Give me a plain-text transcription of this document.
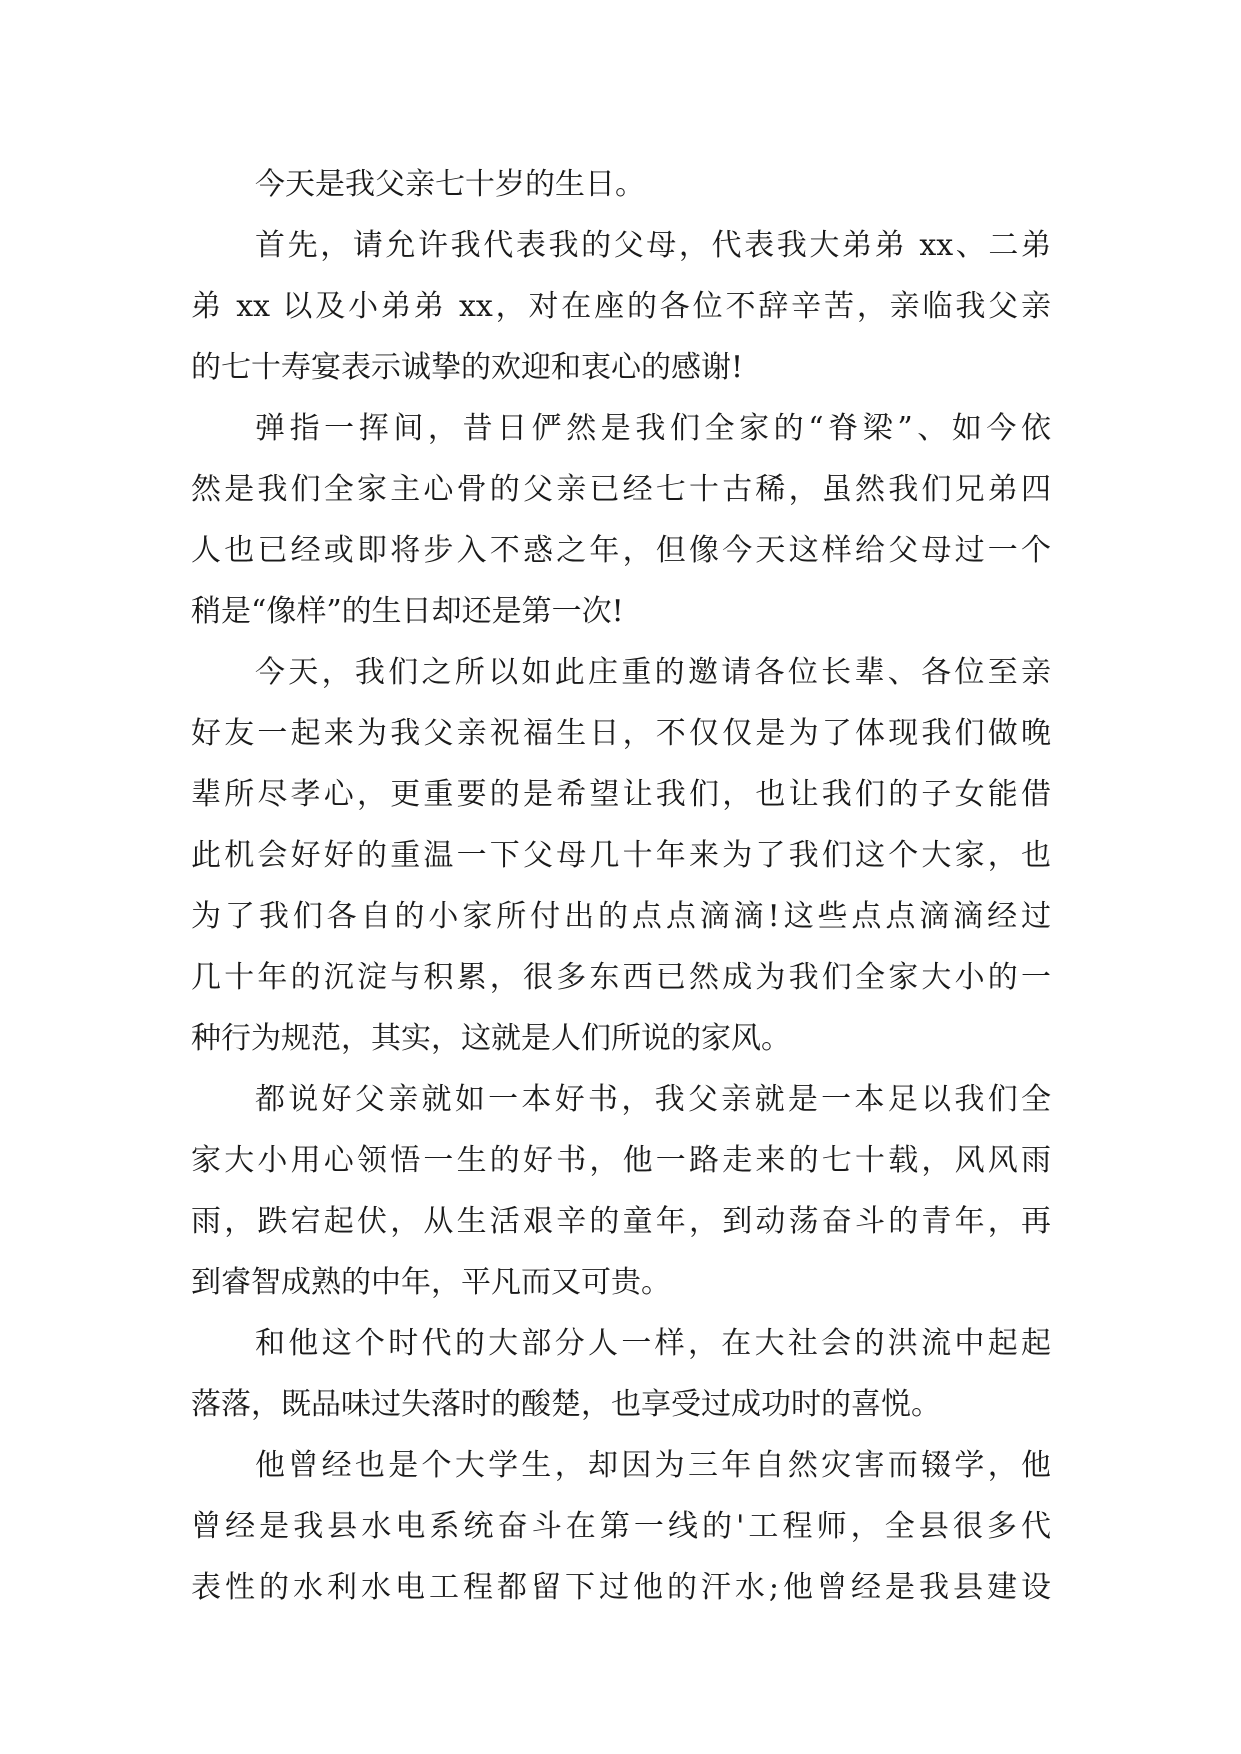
今天是我父亲七十岁的生日。
首先，请允许我代表我的父母，代表我大弟弟 xx、二弟
弟 xx 以及小弟弟 xx，对在座的各位不辞辛苦，亲临我父亲
的七十寿宴表示诚挚的欢迎和衷心的感谢!
弹指一挥间，昔日俨然是我们全家的“脊梁”、如今依
然是我们全家主心骨的父亲已经七十古稀，虽然我们兄弟四
人也已经或即将步入不惑之年，但像今天这样给父母过一个
稍是“像样”的生日却还是第一次!
今天，我们之所以如此庄重的邀请各位长辈、各位至亲
好友一起来为我父亲祝福生日，不仅仅是为了体现我们做晚
辈所尽孝心，更重要的是希望让我们，也让我们的子女能借
此机会好好的重温一下父母几十年来为了我们这个大家，也
为了我们各自的小家所付出的点点滴滴!这些点点滴滴经过
几十年的沉淀与积累，很多东西已然成为我们全家大小的一
种行为规范，其实，这就是人们所说的家风。
都说好父亲就如一本好书，我父亲就是一本足以我们全
家大小用心领悟一生的好书，他一路走来的七十载，风风雨
雨，跌宕起伏，从生活艰辛的童年，到动荡奋斗的青年，再
到睿智成熟的中年，平凡而又可贵。
和他这个时代的大部分人一样，在大社会的洪流中起起
落落，既品味过失落时的酸楚，也享受过成功时的喜悦。
他曾经也是个大学生，却因为三年自然灾害而辍学，他
曾经是我县水电系统奋斗在第一线的'工程师，全县很多代
表性的水利水电工程都留下过他的汗水;他曾经是我县建设
